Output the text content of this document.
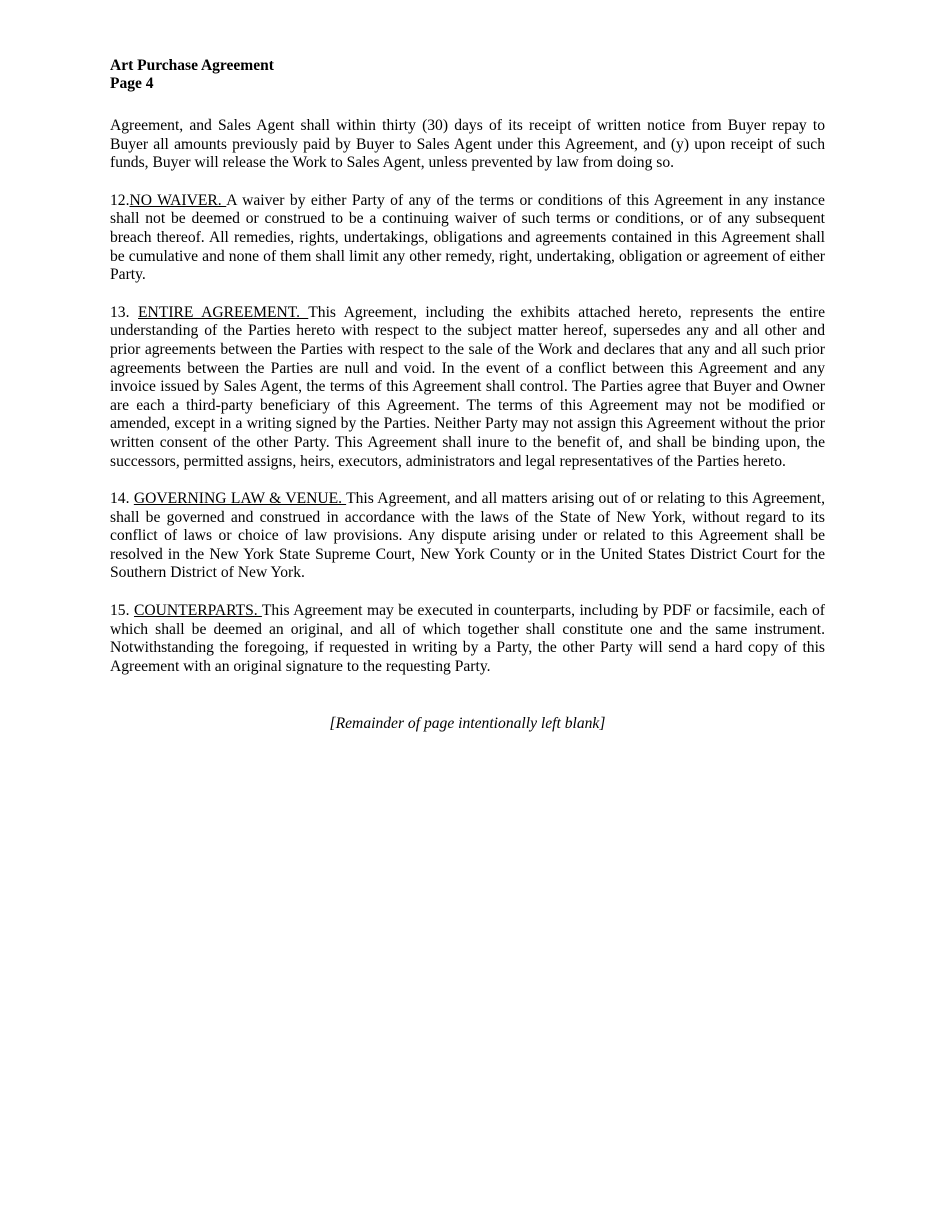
Art Purchase Agreement
Page 4

Agreement, and Sales Agent shall within thirty (30) days of its receipt of written notice from Buyer repay to Buyer all amounts previously paid by Buyer to Sales Agent under this Agreement, and (y) upon receipt of such funds, Buyer will release the Work to Sales Agent, unless prevented by law from doing so.

12.NO WAIVER. A waiver by either Party of any of the terms or conditions of this Agreement in any instance shall not be deemed or construed to be a continuing waiver of such terms or conditions, or of any subsequent breach thereof. All remedies, rights, undertakings, obligations and agreements contained in this Agreement shall be cumulative and none of them shall limit any other remedy, right, undertaking, obligation or agreement of either Party.

13. ENTIRE AGREEMENT. This Agreement, including the exhibits attached hereto, represents the entire understanding of the Parties hereto with respect to the subject matter hereof, supersedes any and all other and prior agreements between the Parties with respect to the sale of the Work and declares that any and all such prior agreements between the Parties are null and void. In the event of a conflict between this Agreement and any invoice issued by Sales Agent, the terms of this Agreement shall control. The Parties agree that Buyer and Owner are each a third-party beneficiary of this Agreement. The terms of this Agreement may not be modified or amended, except in a writing signed by the Parties. Neither Party may not assign this Agreement without the prior written consent of the other Party. This Agreement shall inure to the benefit of, and shall be binding upon, the successors, permitted assigns, heirs, executors, administrators and legal representatives of the Parties hereto.

14. GOVERNING LAW & VENUE. This Agreement, and all matters arising out of or relating to this Agreement, shall be governed and construed in accordance with the laws of the State of New York, without regard to its conflict of laws or choice of law provisions. Any dispute arising under or related to this Agreement shall be resolved in the New York State Supreme Court, New York County or in the United States District Court for the Southern District of New York.

15. COUNTERPARTS. This Agreement may be executed in counterparts, including by PDF or facsimile, each of which shall be deemed an original, and all of which together shall constitute one and the same instrument. Notwithstanding the foregoing, if requested in writing by a Party, the other Party will send a hard copy of this Agreement with an original signature to the requesting Party.

[Remainder of page intentionally left blank]
